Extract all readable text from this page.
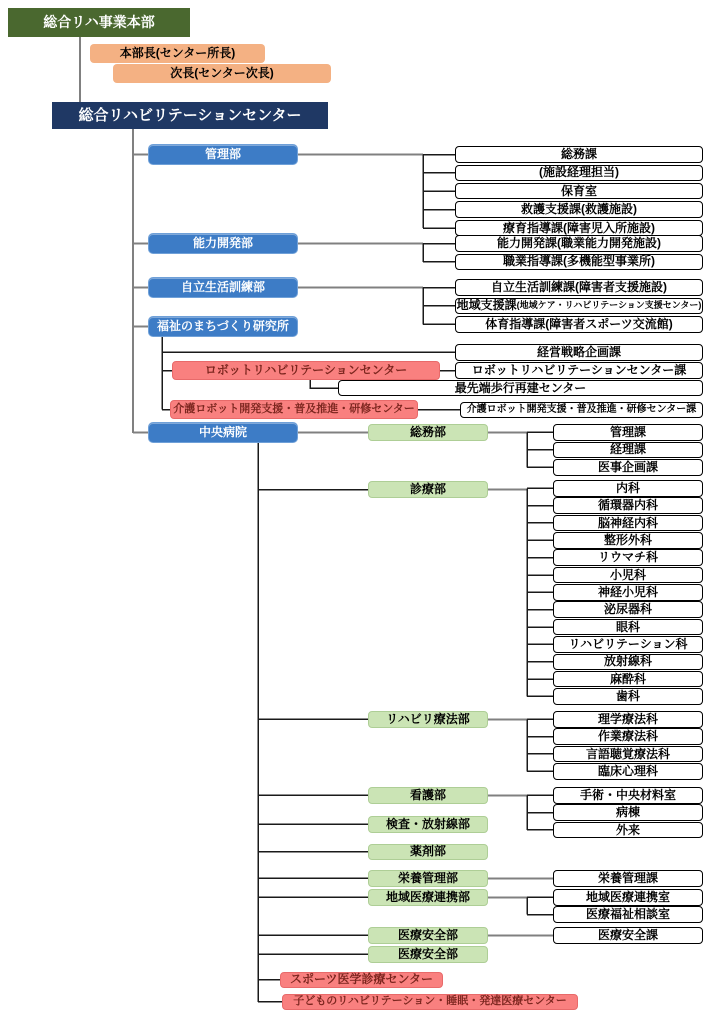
総合リハ事業本部
本部長(センター所長)
次長(センター次長)
総合リハビリテーションセンター
管理部
能力開発部
自立生活訓練部
福祉のまちづくり研究所
中央病院
総務課
(施設経理担当)
保育室
救護支援課(救護施設)
療育指導課(障害児入所施設)
能力開発課(職業能力開発施設)
職業指導課(多機能型事業所)
自立生活訓練課(障害者支援施設)
地域支援課 (地域ケア・リハビリテーション支援センター)
体育指導課(障害者スポーツ交流館)
経営戦略企画課
ロボットリハビリテーションセンター	ロボットリハビリテーションセンター課
最先端歩行再建センター
介護ロボット開発支援・普及推進・研修センター	介護ロボット開発支援・普及推進・研修センター課
総務部
診療部
リハビリ療法部
看護部
検査・放射線部
薬剤部
栄養管理部
地域医療連携部
医療安全部
医療安全部
管理課
経理課
医事企画課
内科
循環器内科
脳神経内科
整形外科
リウマチ科
小児科
神経小児科
泌尿器科
眼科
リハビリテーション科
放射線科
麻酔科
歯科
理学療法科
作業療法科
言語聴覚療法科
臨床心理科
手術・中央材料室
病棟
外来
栄養管理課
地域医療連携室
医療福祉相談室
医療安全課
スポーツ医学診療センター
子どものリハビリテーション・睡眠・発達医療センター
